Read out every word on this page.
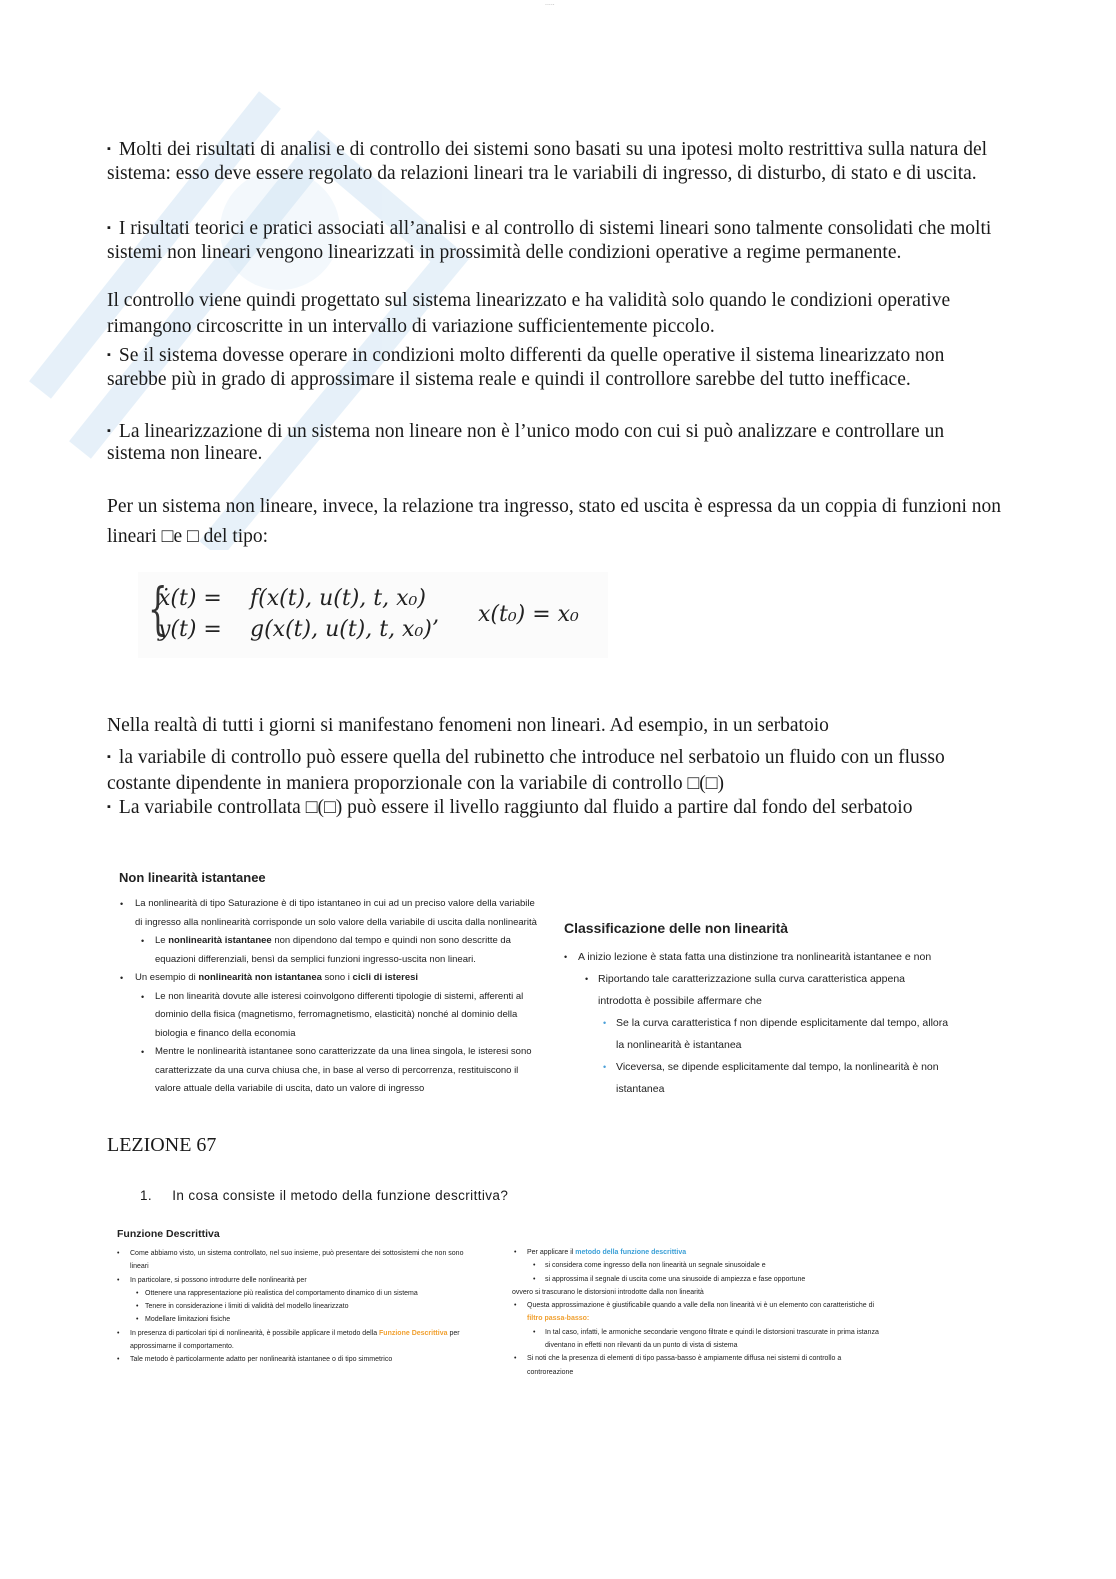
.....

▪ Molti dei risultati di analisi e di controllo dei sistemi sono basati su una ipotesi molto restrittiva sulla natura del sistema: esso deve essere regolato da relazioni lineari tra le variabili di ingresso, di disturbo, di stato e di uscita.

▪ I risultati teorici e pratici associati all’analisi e al controllo di sistemi lineari sono talmente consolidati che molti sistemi non lineari vengono linearizzati in prossimità delle condizioni operative a regime permanente.

Il controllo viene quindi progettato sul sistema linearizzato e ha validità solo quando le condizioni operative rimangono circoscritte in un intervallo di variazione sufficientemente piccolo.

▪ Se il sistema dovesse operare in condizioni molto differenti da quelle operative il sistema linearizzato non sarebbe più in grado di approssimare il sistema reale e quindi il controllore sarebbe del tutto inefficace.

▪ La linearizzazione di un sistema non lineare non è l’unico modo con cui si può analizzare e controllare un sistema non lineare.

Per un sistema non lineare, invece, la relazione tra ingresso, stato ed uscita è espressa da un coppia di funzioni non lineari □e □ del tipo:

{
ẋ(t) = f(x(t), u(t), t, x₀)
y(t) = g(x(t), u(t), t, x₀)’
x(t₀) = x₀

Nella realtà di tutti i giorni si manifestano fenomeni non lineari. Ad esempio, in un serbatoio

▪ la variabile di controllo può essere quella del rubinetto che introduce nel serbatoio un fluido con un flusso costante dipendente in maniera proporzionale con la variabile di controllo □(□)

▪ La variabile controllata □(□) può essere il livello raggiunto dal fluido a partire dal fondo del serbatoio

Non linearità istantanee
• La nonlinearità di tipo Saturazione è di tipo istantaneo in cui ad un preciso valore della variabile di ingresso alla nonlinearità corrisponde un solo valore della variabile di uscita dalla nonlinearità
• Le nonlinearità istantanee non dipendono dal tempo e quindi non sono descritte da equazioni differenziali, bensì da semplici funzioni ingresso-uscita non lineari.
• Un esempio di nonlinearità non istantanea sono i cicli di isteresi
• Le non linearità dovute alle isteresi coinvolgono differenti tipologie di sistemi, afferenti al dominio della fisica (magnetismo, ferromagnetismo, elasticità) nonché al dominio della biologia e financo della economia
• Mentre le nonlinearità istantanee sono caratterizzate da una linea singola, le isteresi sono caratterizzate da una curva chiusa che, in base al verso di percorrenza, restituiscono il valore attuale della variabile di uscita, dato un valore di ingresso
Classificazione delle non linearità
• A inizio lezione è stata fatta una distinzione tra nonlinearità istantanee e non
• Riportando tale caratterizzazione sulla curva caratteristica appena introdotta è possibile affermare che
• Se la curva caratteristica f non dipende esplicitamente dal tempo, allora la nonlinearità è istantanea
• Viceversa, se dipende esplicitamente dal tempo, la nonlinearità è non istantanea
LEZIONE 67
1. In cosa consiste il metodo della funzione descrittiva?
Funzione Descrittiva
• Come abbiamo visto, un sistema controllato, nel suo insieme, può presentare dei sottosistemi che non sono lineari
• In particolare, si possono introdurre delle nonlinearità per
• Ottenere una rappresentazione più realistica del comportamento dinamico di un sistema
• Tenere in considerazione i limiti di validità del modello linearizzato
• Modellare limitazioni fisiche
• In presenza di particolari tipi di nonlinearità, è possibile applicare il metodo della Funzione Descrittiva per approssimarne il comportamento.
• Tale metodo è particolarmente adatto per nonlinearità istantanee o di tipo simmetrico
• Per applicare il metodo della funzione descrittiva
• si considera come ingresso della non linearità un segnale sinusoidale e
• si approssima il segnale di uscita come una sinusoide di ampiezza e fase opportune
ovvero si trascurano le distorsioni introdotte dalla non linearità
• Questa approssimazione è giustificabile quando a valle della non linearità vi è un elemento con caratteristiche di filtro passa-basso:
• In tal caso, infatti, le armoniche secondarie vengono filtrate e quindi le distorsioni trascurate in prima istanza diventano in effetti non rilevanti da un punto di vista di sistema
• Si noti che la presenza di elementi di tipo passa-basso è ampiamente diffusa nei sistemi di controllo a controreazione
